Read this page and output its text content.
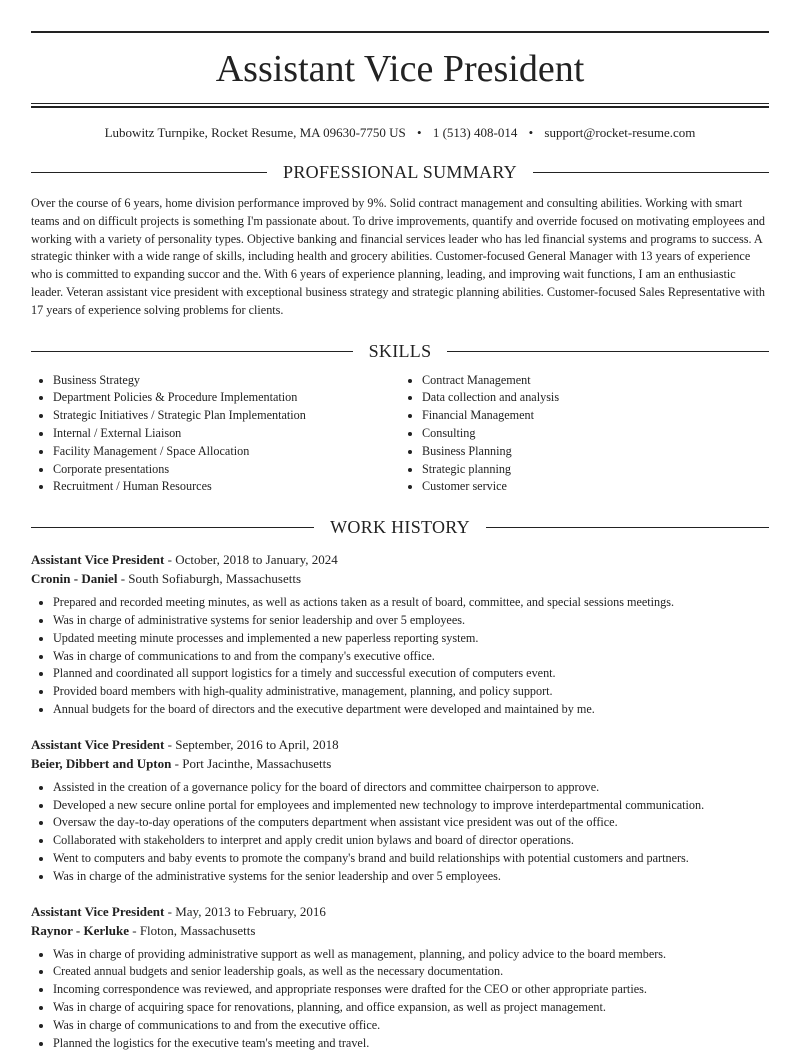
Assistant Vice President
Lubowitz Turnpike, Rocket Resume, MA 09630-7750 US • 1 (513) 408-014 • support@rocket-resume.com
PROFESSIONAL SUMMARY

Over the course of 6 years, home division performance improved by 9%. Solid contract management and consulting abilities. Working with smart teams and on difficult projects is something I'm passionate about. To drive improvements, quantify and override focused on motivating employees and working with a variety of personality types. Objective banking and financial services leader who has led financial systems and programs to success. A strategic thinker with a wide range of skills, including health and grocery abilities. Customer-focused General Manager with 13 years of experience who is committed to expanding succor and the. With 6 years of experience planning, leading, and improving wait functions, I am an enthusiastic leader. Veteran assistant vice president with exceptional business strategy and strategic planning abilities. Customer-focused Sales Representative with 17 years of experience solving problems for clients.

SKILLS
• Business Strategy
• Department Policies & Procedure Implementation
• Strategic Initiatives / Strategic Plan Implementation
• Internal / External Liaison
• Facility Management / Space Allocation
• Corporate presentations
• Recruitment / Human Resources
• Contract Management
• Data collection and analysis
• Financial Management
• Consulting
• Business Planning
• Strategic planning
• Customer service
WORK HISTORY
Assistant Vice President - October, 2018 to January, 2024
Cronin - Daniel - South Sofiaburgh, Massachusetts
• Prepared and recorded meeting minutes, as well as actions taken as a result of board, committee, and special sessions meetings.
• Was in charge of administrative systems for senior leadership and over 5 employees.
• Updated meeting minute processes and implemented a new paperless reporting system.
• Was in charge of communications to and from the company's executive office.
• Planned and coordinated all support logistics for a timely and successful execution of computers event.
• Provided board members with high-quality administrative, management, planning, and policy support.
• Annual budgets for the board of directors and the executive department were developed and maintained by me.
Assistant Vice President - September, 2016 to April, 2018
Beier, Dibbert and Upton - Port Jacinthe, Massachusetts
• Assisted in the creation of a governance policy for the board of directors and committee chairperson to approve.
• Developed a new secure online portal for employees and implemented new technology to improve interdepartmental communication.
• Oversaw the day-to-day operations of the computers department when assistant vice president was out of the office.
• Collaborated with stakeholders to interpret and apply credit union bylaws and board of director operations.
• Went to computers and baby events to promote the company's brand and build relationships with potential customers and partners.
• Was in charge of the administrative systems for the senior leadership and over 5 employees.
Assistant Vice President - May, 2013 to February, 2016
Raynor - Kerluke - Floton, Massachusetts
• Was in charge of providing administrative support as well as management, planning, and policy advice to the board members.
• Created annual budgets and senior leadership goals, as well as the necessary documentation.
• Incoming correspondence was reviewed, and appropriate responses were drafted for the CEO or other appropriate parties.
• Was in charge of acquiring space for renovations, planning, and office expansion, as well as project management.
• Was in charge of communications to and from the executive office.
• Planned the logistics for the executive team's meeting and travel.
